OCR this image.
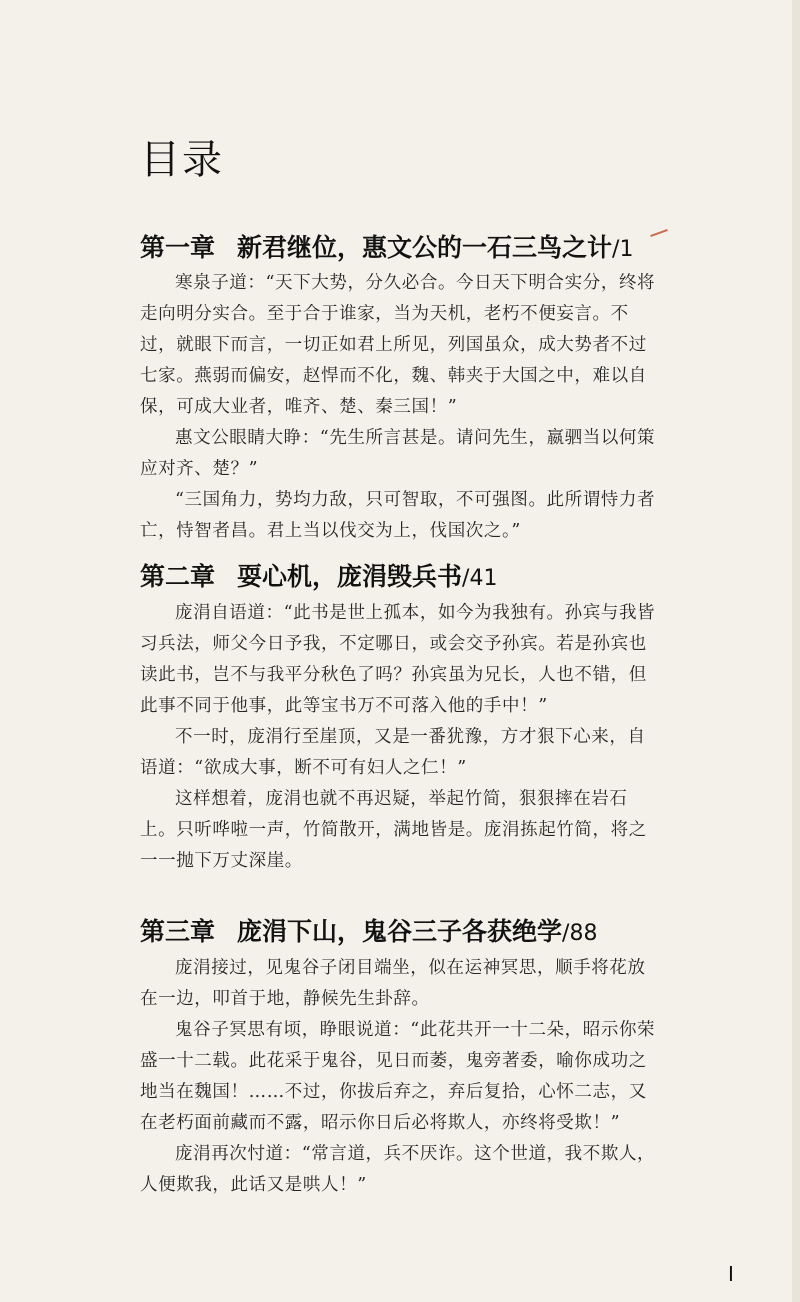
目录
第一章 新君继位，惠文公的一石三鸟之计/1

寒泉子道：“天下大势，分久必合。今日天下明合实分，终将走向明分实合。至于合于谁家，当为天机，老朽不便妄言。不过，就眼下而言，一切正如君上所见，列国虽众，成大势者不过七家。燕弱而偏安，赵悍而不化，魏、韩夹于大国之中，难以自保，可成大业者，唯齐、楚、秦三国！”

惠文公眼睛大睁：“先生所言甚是。请问先生，嬴驷当以何策应对齐、楚？”

“三国角力，势均力敌，只可智取，不可强图。此所谓恃力者亡，恃智者昌。君上当以伐交为上，伐国次之。”

第二章 耍心机，庞涓毁兵书/41

庞涓自语道：“此书是世上孤本，如今为我独有。孙宾与我皆习兵法，师父今日予我，不定哪日，或会交予孙宾。若是孙宾也读此书，岂不与我平分秋色了吗？孙宾虽为兄长，人也不错，但此事不同于他事，此等宝书万不可落入他的手中！”

不一时，庞涓行至崖顶，又是一番犹豫，方才狠下心来，自语道：“欲成大事，断不可有妇人之仁！”

这样想着，庞涓也就不再迟疑，举起竹简，狠狠摔在岩石上。只听哗啦一声，竹简散开，满地皆是。庞涓拣起竹简，将之一一抛下万丈深崖。

第三章 庞涓下山，鬼谷三子各获绝学/88

庞涓接过，见鬼谷子闭目端坐，似在运神冥思，顺手将花放在一边，叩首于地，静候先生卦辞。

鬼谷子冥思有顷，睁眼说道：“此花共开一十二朵，昭示你荣盛一十二载。此花采于鬼谷，见日而萎，鬼旁著委，喻你成功之地当在魏国！……不过，你拔后弃之，弃后复拾，心怀二志，又在老朽面前藏而不露，昭示你日后必将欺人，亦终将受欺！”

庞涓再次忖道：“常言道，兵不厌诈。这个世道，我不欺人，人便欺我，此话又是哄人！”

I
